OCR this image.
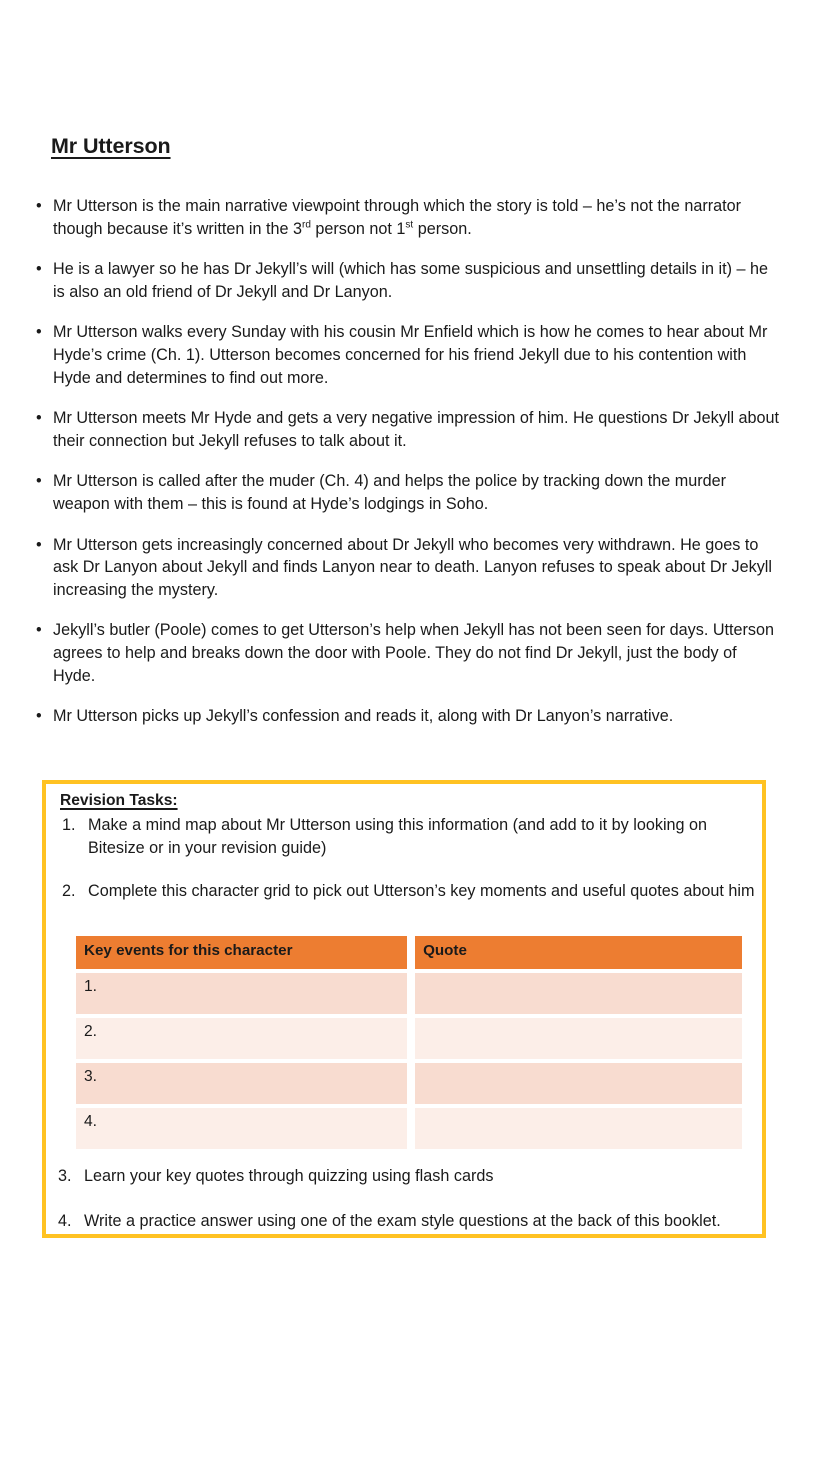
Mr Utterson
• Mr Utterson is the main narrative viewpoint through which the story is told – he’s not the narrator though because it’s written in the 3rd person not 1st person.
• He is a lawyer so he has Dr Jekyll’s will (which has some suspicious and unsettling details in it) – he is also an old friend of Dr Jekyll and Dr Lanyon.
• Mr Utterson walks every Sunday with his cousin Mr Enfield which is how he comes to hear about Mr Hyde’s crime (Ch. 1). Utterson becomes concerned for his friend Jekyll due to his contention with Hyde and determines to find out more.
• Mr Utterson meets Mr Hyde and gets a very negative impression of him. He questions Dr Jekyll about their connection but Jekyll refuses to talk about it.
• Mr Utterson is called after the muder (Ch. 4) and helps the police by tracking down the murder weapon with them – this is found at Hyde’s lodgings in Soho.
• Mr Utterson gets increasingly concerned about Dr Jekyll who becomes very withdrawn. He goes to ask Dr Lanyon about Jekyll and finds Lanyon near to death. Lanyon refuses to speak about Dr Jekyll increasing the mystery.
• Jekyll’s butler (Poole) comes to get Utterson’s help when Jekyll has not been seen for days. Utterson agrees to help and breaks down the door with Poole. They do not find Dr Jekyll, just the body of Hyde.
• Mr Utterson picks up Jekyll’s confession and reads it, along with Dr Lanyon’s narrative.
Revision Tasks:
1. Make a mind map about Mr Utterson using this information (and add to it by looking on Bitesize or in your revision guide)
2. Complete this character grid to pick out Utterson’s key moments and useful quotes about him
Key events for this character		Quote

1.		

2.		

3.		

4.		
3. Learn your key quotes through quizzing using flash cards
4. Write a practice answer using one of the exam style questions at the back of this booklet.
